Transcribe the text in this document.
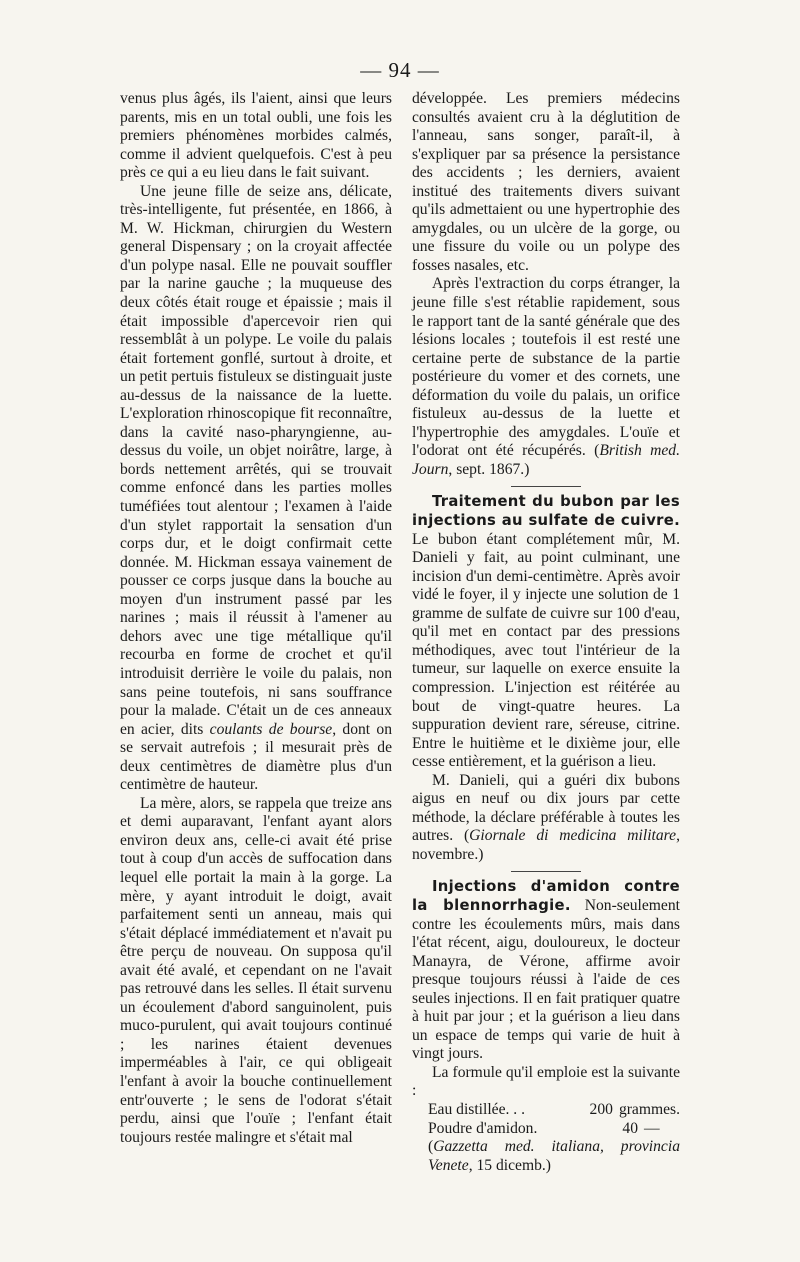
— 94 —

venus plus âgés, ils l'aient, ainsi que leurs parents, mis en un total oubli, une fois les premiers phénomènes morbides calmés, comme il advient quelquefois. C'est à peu près ce qui a eu lieu dans le fait suivant.

Une jeune fille de seize ans, délicate, très-intelligente, fut présentée, en 1866, à M. W. Hickman, chirurgien du Western general Dispensary ; on la croyait affectée d'un polype nasal. Elle ne pouvait souffler par la narine gauche ; la muqueuse des deux côtés était rouge et épaissie ; mais il était impossible d'apercevoir rien qui ressemblât à un polype. Le voile du palais était fortement gonflé, surtout à droite, et un petit pertuis fistuleux se distinguait juste au-dessus de la naissance de la luette. L'exploration rhinoscopique fit reconnaître, dans la cavité naso-pharyngienne, au-dessus du voile, un objet noirâtre, large, à bords nettement arrêtés, qui se trouvait comme enfoncé dans les parties molles tuméfiées tout alentour ; l'examen à l'aide d'un stylet rapportait la sensation d'un corps dur, et le doigt confirmait cette donnée. M. Hickman essaya vainement de pousser ce corps jusque dans la bouche au moyen d'un instrument passé par les narines ; mais il réussit à l'amener au dehors avec une tige métallique qu'il recourba en forme de crochet et qu'il introduisit derrière le voile du palais, non sans peine toutefois, ni sans souffrance pour la malade. C'était un de ces anneaux en acier, dits coulants de bourse, dont on se servait autrefois ; il mesurait près de deux centimètres de diamètre plus d'un centimètre de hauteur.

La mère, alors, se rappela que treize ans et demi auparavant, l'enfant ayant alors environ deux ans, celle-ci avait été prise tout à coup d'un accès de suffocation dans lequel elle portait la main à la gorge. La mère, y ayant introduit le doigt, avait parfaitement senti un anneau, mais qui s'était déplacé immédiatement et n'avait pu être perçu de nouveau. On supposa qu'il avait été avalé, et cependant on ne l'avait pas retrouvé dans les selles. Il était survenu un écoulement d'abord sanguinolent, puis muco-purulent, qui avait toujours continué ; les narines étaient devenues imperméables à l'air, ce qui obligeait l'enfant à avoir la bouche continuellement entr'ouverte ; le sens de l'odorat s'était perdu, ainsi que l'ouïe ; l'enfant était toujours restée malingre et s'était mal

développée. Les premiers médecins consultés avaient cru à la déglutition de l'anneau, sans songer, paraît-il, à s'expliquer par sa présence la persistance des accidents ; les derniers, avaient institué des traitements divers suivant qu'ils admettaient ou une hypertrophie des amygdales, ou un ulcère de la gorge, ou une fissure du voile ou un polype des fosses nasales, etc.

Après l'extraction du corps étranger, la jeune fille s'est rétablie rapidement, sous le rapport tant de la santé générale que des lésions locales ; toutefois il est resté une certaine perte de substance de la partie postérieure du vomer et des cornets, une déformation du voile du palais, un orifice fistuleux au-dessus de la luette et l'hypertrophie des amygdales. L'ouïe et l'odorat ont été récupérés. (British med. Journ, sept. 1867.)

Traitement du bubon par les injections au sulfate de cuivre. Le bubon étant complétement mûr, M. Danieli y fait, au point culminant, une incision d'un demi-centimètre. Après avoir vidé le foyer, il y injecte une solution de 1 gramme de sulfate de cuivre sur 100 d'eau, qu'il met en contact par des pressions méthodiques, avec tout l'intérieur de la tumeur, sur laquelle on exerce ensuite la compression. L'injection est réitérée au bout de vingt-quatre heures. La suppuration devient rare, séreuse, citrine. Entre le huitième et le dixième jour, elle cesse entièrement, et la guérison a lieu.

M. Danieli, qui a guéri dix bubons aigus en neuf ou dix jours par cette méthode, la déclare préférable à toutes les autres. (Giornale di medicina militare, novembre.)

Injections d'amidon contre la blennorrhagie. Non-seulement contre les écoulements mûrs, mais dans l'état récent, aigu, douloureux, le docteur Manayra, de Vérone, affirme avoir presque toujours réussi à l'aide de ces seules injections. Il en fait pratiquer quatre à huit par jour ; et la guérison a lieu dans un espace de temps qui varie de huit à vingt jours.

La formule qu'il emploie est la suivante :

Eau distillée. . .	200 grammes.
Poudre d'amidon.	40 —

(Gazzetta med. italiana, provincia Venete, 15 dicemb.)
